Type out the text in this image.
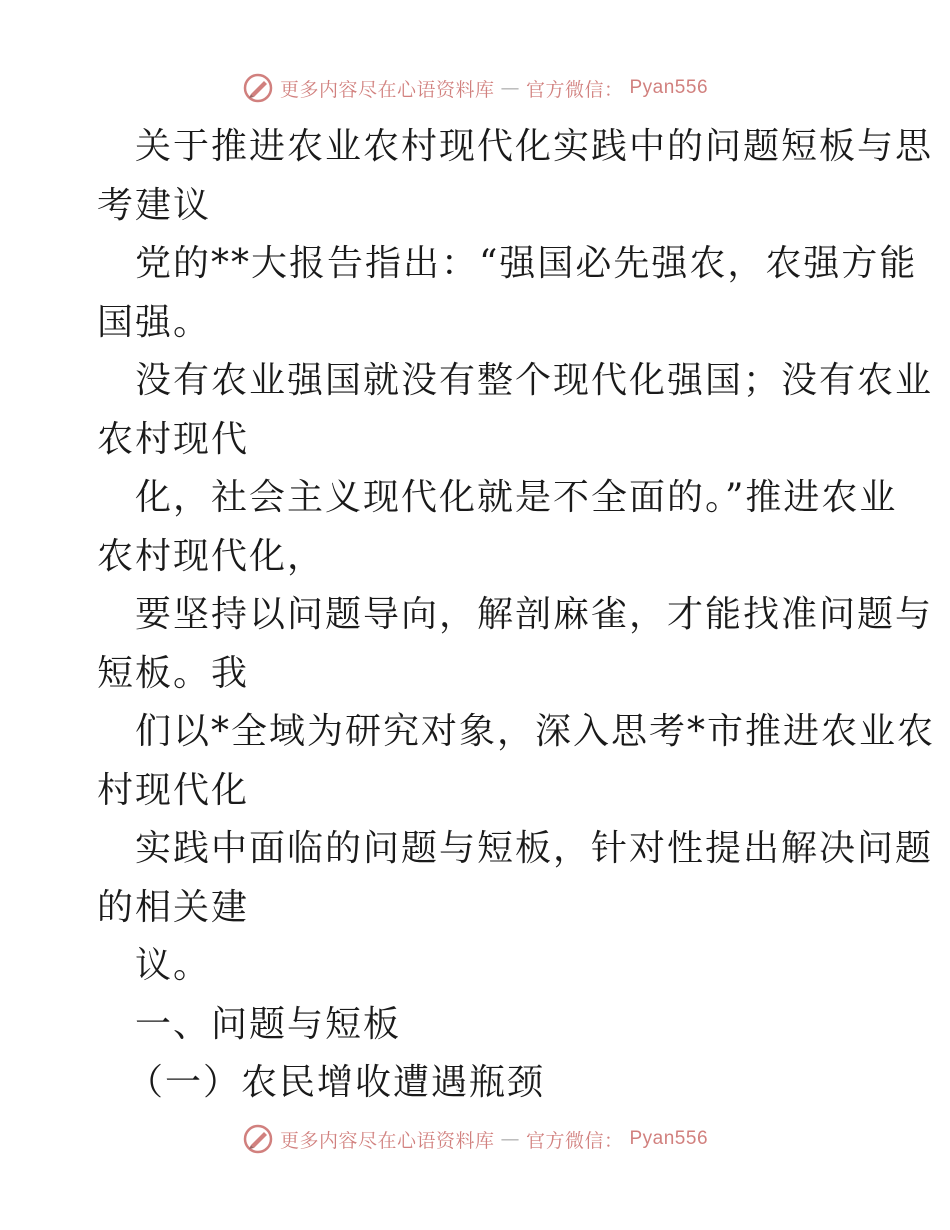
更多内容尽在心语资料库 — 官方微信： Pyan556
关于推进农业农村现代化实践中的问题短板与思
考建议
党的**大报告指出：“强国必先强农，农强方能
国强。
没有农业强国就没有整个现代化强国；没有农业
农村现代
化，社会主义现代化就是不全面的。”推进农业
农村现代化，
要坚持以问题导向，解剖麻雀，才能找准问题与
短板。我
们以*全域为研究对象，深入思考*市推进农业农
村现代化
实践中面临的问题与短板，针对性提出解决问题
的相关建
议。
一、问题与短板
（一）农民增收遭遇瓶颈
更多内容尽在心语资料库 — 官方微信： Pyan556
